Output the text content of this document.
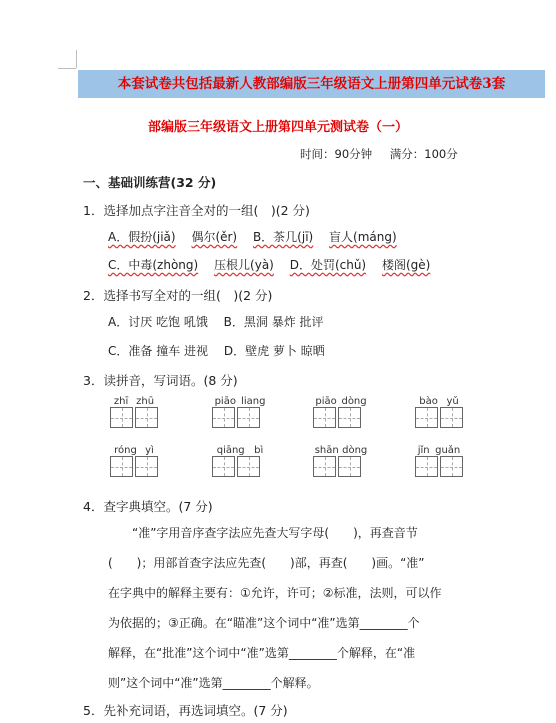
本套试卷共包括最新人教部编版三年级语文上册第四单元试卷3套
部编版三年级语文上册第四单元测试卷（一）
时间：90分钟 满分：100分
一、基础训练营(32 分)
1．选择加点字注音全对的一组(　)(2 分)
A．假扮(jiǎ) 偶尔(ěr) B．茶几(jī) 盲人(máng)
C．中毒(zhòng) 压根儿(yà) D．处罚(chǔ) 楼阁(gè)
2．选择书写全对的一组(　)(2 分)
A．讨厌 吃饱 吼饿 B．黑洞 暴炸 批评
C．准备 撞车 进视 D．壁虎 萝卜 晾晒
3．读拼音，写词语。(8 分)
zhī zhū	piāo liang	piāo dòng	bào yǔ
róng yì	qiāng bì	shān dòng	jǐn guǎn
4．查字典填空。(7 分)
“准”字用音序查字法应先查大写字母(　　)，再查音节
(　　)；用部首查字法应先查(　　)部，再查(　　)画。“准”
在字典中的解释主要有：①允许，许可；②标准，法则，可以作
为依据的；③正确。在“瞄准”这个词中“准”选第________个
解释，在“批准”这个词中“准”选第________个解释，在“准
则”这个词中“准”选第________个解释。
5．先补充词语，再选词填空。(7 分)
